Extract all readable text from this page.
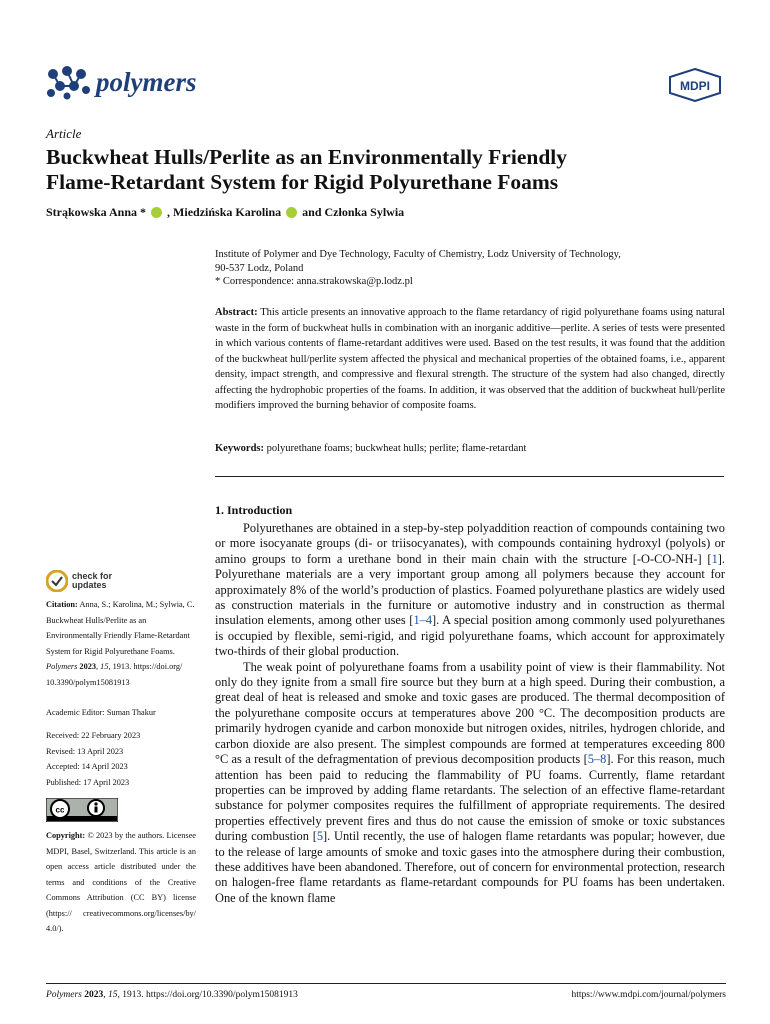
polymers	MDPI
Article
Buckwheat Hulls/Perlite as an Environmentally Friendly
Flame-Retardant System for Rigid Polyurethane Foams
Strąkowska Anna * , Miedzińska Karolina and Członka Sylwia
Institute of Polymer and Dye Technology, Faculty of Chemistry, Lodz University of Technology,
90-537 Lodz, Poland
* Correspondence: anna.strakowska@p.lodz.pl
Abstract: This article presents an innovative approach to the flame retardancy of rigid polyurethane foams using natural waste in the form of buckwheat hulls in combination with an inorganic additive—perlite. A series of tests were presented in which various contents of flame-retardant additives were used. Based on the test results, it was found that the addition of the buckwheat hull/perlite system affected the physical and mechanical properties of the obtained foams, i.e., apparent density, impact strength, and compressive and flexural strength. The structure of the system had also changed, directly affecting the hydrophobic properties of the foams. In addition, it was observed that the addition of buckwheat hull/perlite modifiers improved the burning behavior of composite foams.
Keywords: polyurethane foams; buckwheat hulls; perlite; flame-retardant
1. Introduction

Polyurethanes are obtained in a step-by-step polyaddition reaction of compounds containing two or more isocyanate groups (di- or triisocyanates), with compounds containing hydroxyl (polyols) or amino groups to form a urethane bond in their main chain with the structure [-O-CO-NH-] [1]. Polyurethane materials are a very important group among all polymers because they account for approximately 8% of the world’s production of plastics. Foamed polyurethane plastics are widely used as construction materials in the furniture or automotive industry and in construction as thermal insulation elements, among other uses [1–4]. A special position among commonly used polyurethanes is occupied by flexible, semi-rigid, and rigid polyurethane foams, which account for approximately two-thirds of their global production.

The weak point of polyurethane foams from a usability point of view is their flammability. Not only do they ignite from a small fire source but they burn at a high speed. During their combustion, a great deal of heat is released and smoke and toxic gases are produced. The thermal decomposition of the polyurethane composite occurs at temperatures above 200 °C. The decomposition products are primarily hydrogen cyanide and carbon monoxide but nitrogen oxides, nitriles, hydrogen chloride, and carbon dioxide are also present. The simplest compounds are formed at temperatures exceeding 800 °C as a result of the defragmentation of previous decomposition products [5–8]. For this reason, much attention has been paid to reducing the flammability of PU foams. Currently, flame retardant properties can be improved by adding flame retardants. The selection of an effective flame-retardant substance for polymer composites requires the fulfillment of appropriate requirements. The desired properties effectively prevent fires and thus do not cause the emission of smoke or toxic substances during combustion [5]. Until recently, the use of halogen flame retardants was popular; however, due to the release of large amounts of smoke and toxic gases into the atmosphere during their combustion, these additives have been abandoned. Therefore, out of concern for environmental protection, research on halogen-free flame retardants as flame-retardant compounds for PU foams has been undertaken. One of the known flame

check for
updates
Citation: Anna, S.; Karolina, M.; Sylwia, C. Buckwheat Hulls/Perlite as an Environmentally Friendly Flame-Retardant System for Rigid Polyurethane Foams. Polymers 2023, 15, 1913. https://doi.org/ 10.3390/polym15081913
Academic Editor: Suman Thakur
Received: 22 February 2023
Revised: 13 April 2023
Accepted: 14 April 2023
Published: 17 April 2023
cc
Copyright: © 2023 by the authors. Licensee MDPI, Basel, Switzerland. This article is an open access article distributed under the terms and conditions of the Creative Commons Attribution (CC BY) license (https:// creativecommons.org/licenses/by/ 4.0/).
Polymers 2023, 15, 1913. https://doi.org/10.3390/polym15081913	https://www.mdpi.com/journal/polymers
